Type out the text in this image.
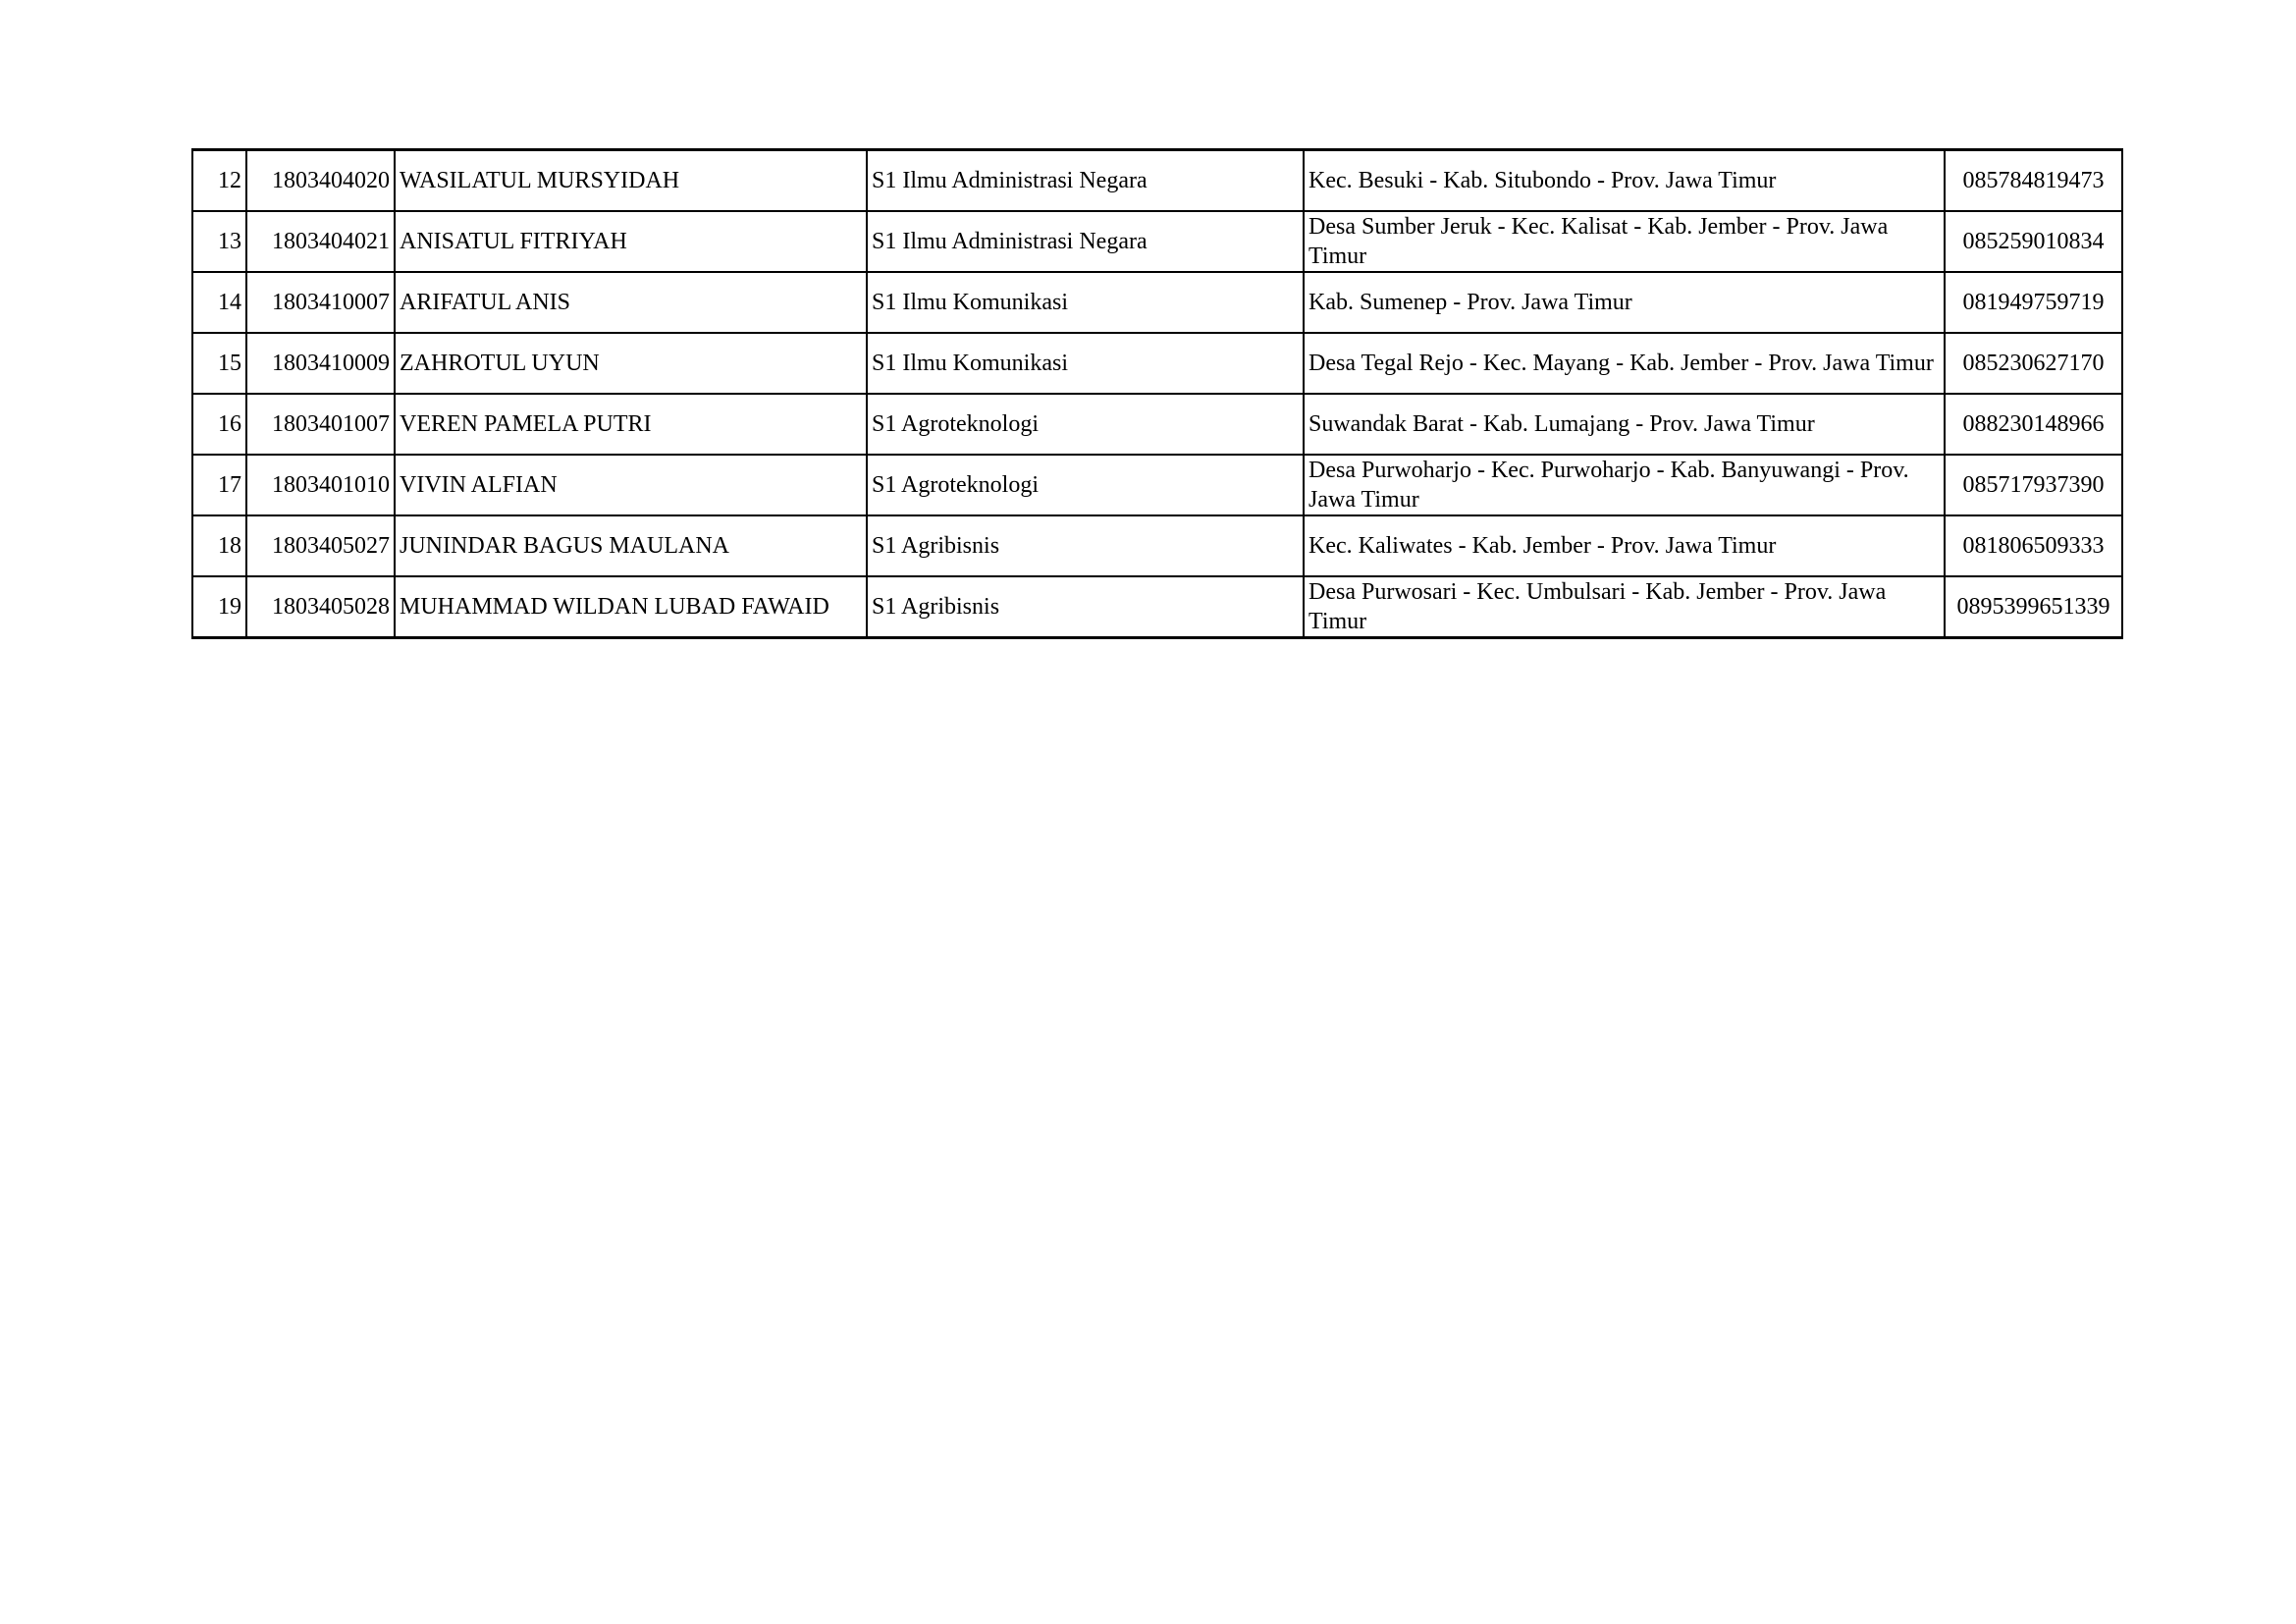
12	1803404020	WASILATUL MURSYIDAH	S1 Ilmu Administrasi Negara	Kec. Besuki - Kab. Situbondo - Prov. Jawa Timur	085784819473
13	1803404021	ANISATUL FITRIYAH	S1 Ilmu Administrasi Negara	Desa Sumber Jeruk - Kec. Kalisat - Kab. Jember - Prov. Jawa Timur	085259010834
14	1803410007	ARIFATUL ANIS	S1 Ilmu Komunikasi	Kab. Sumenep - Prov. Jawa Timur	081949759719
15	1803410009	ZAHROTUL UYUN	S1 Ilmu Komunikasi	Desa Tegal Rejo - Kec. Mayang - Kab. Jember - Prov. Jawa Timur	085230627170
16	1803401007	VEREN PAMELA PUTRI	S1 Agroteknologi	Suwandak Barat - Kab. Lumajang - Prov. Jawa Timur	088230148966
17	1803401010	VIVIN ALFIAN	S1 Agroteknologi	Desa Purwoharjo - Kec. Purwoharjo - Kab. Banyuwangi - Prov. Jawa Timur	085717937390
18	1803405027	JUNINDAR BAGUS MAULANA	S1 Agribisnis	Kec. Kaliwates - Kab. Jember - Prov. Jawa Timur	081806509333
19	1803405028	MUHAMMAD WILDAN LUBAD FAWAID	S1 Agribisnis	Desa Purwosari - Kec. Umbulsari - Kab. Jember - Prov. Jawa Timur	0895399651339
